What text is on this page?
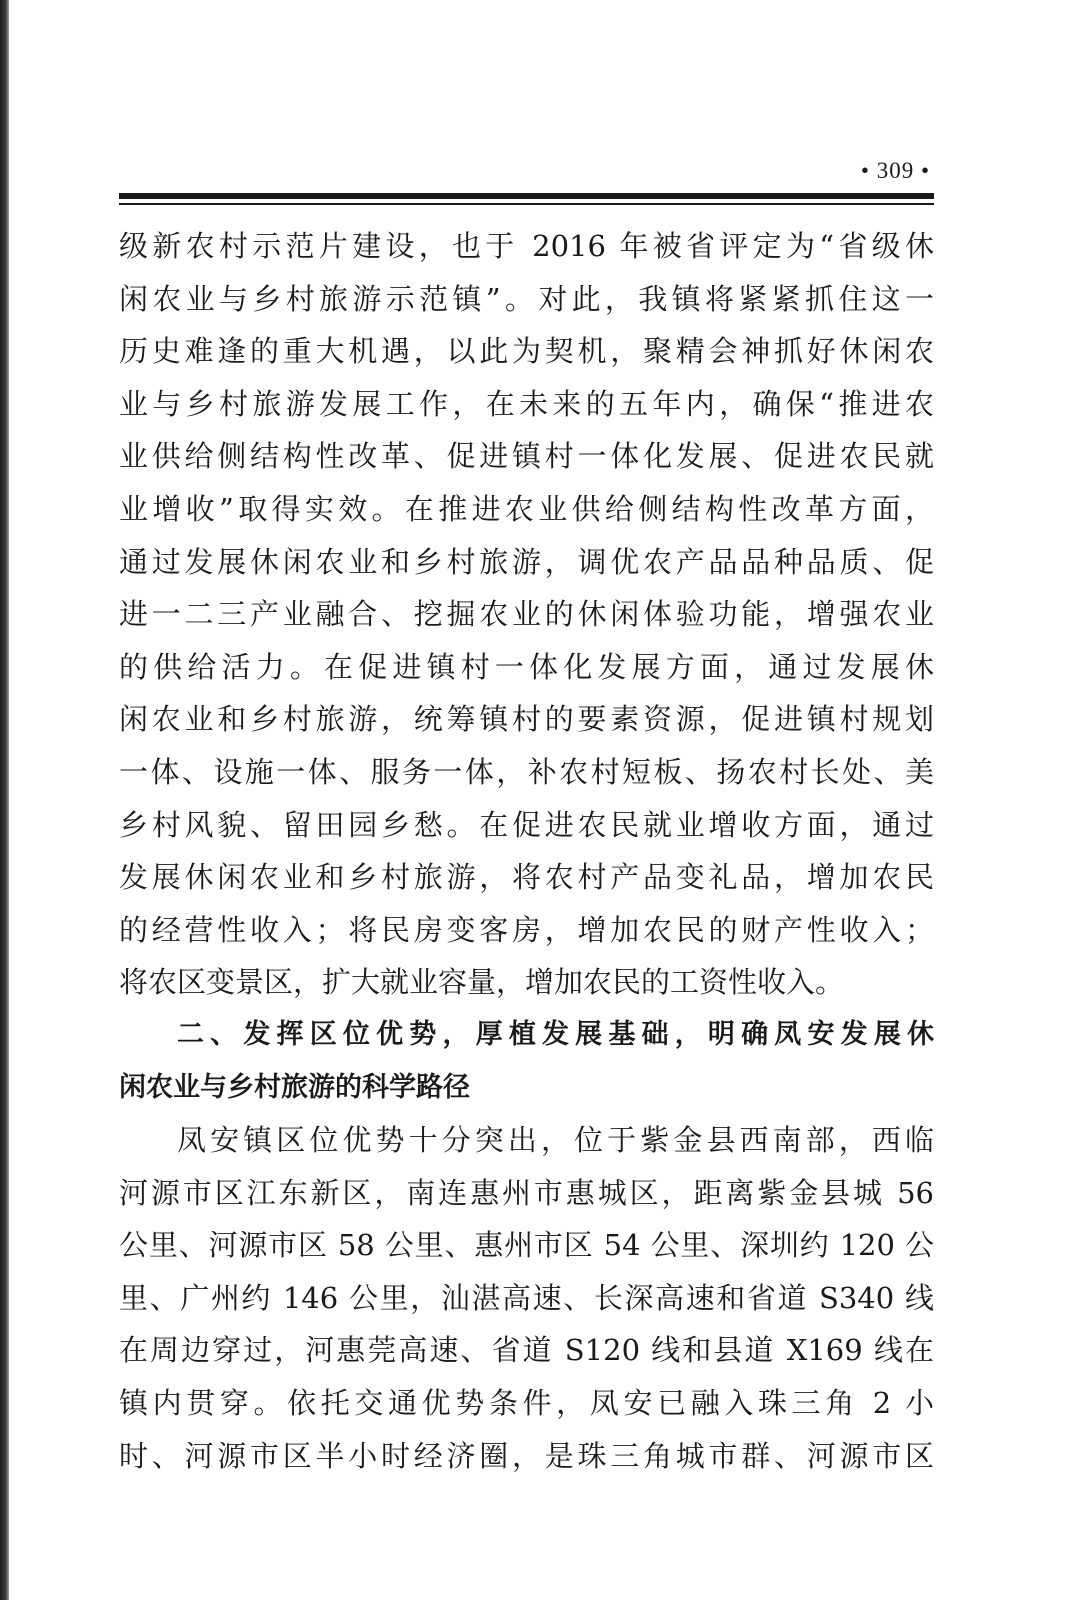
• 309 •
级新农村示范片建设，也于 2016 年被省评定为“省级休
闲农业与乡村旅游示范镇”。对此，我镇将紧紧抓住这一
历史难逢的重大机遇，以此为契机，聚精会神抓好休闲农
业与乡村旅游发展工作，在未来的五年内，确保“推进农
业供给侧结构性改革、促进镇村一体化发展、促进农民就
业增收”取得实效。在推进农业供给侧结构性改革方面，
通过发展休闲农业和乡村旅游，调优农产品品种品质、促
进一二三产业融合、挖掘农业的休闲体验功能，增强农业
的供给活力。在促进镇村一体化发展方面，通过发展休
闲农业和乡村旅游，统筹镇村的要素资源，促进镇村规划
一体、设施一体、服务一体，补农村短板、扬农村长处、美
乡村风貌、留田园乡愁。在促进农民就业增收方面，通过
发展休闲农业和乡村旅游，将农村产品变礼品，增加农民
的经营性收入；将民房变客房，增加农民的财产性收入；
将农区变景区，扩大就业容量，增加农民的工资性收入。
二、发挥区位优势，厚植发展基础，明确凤安发展休
闲农业与乡村旅游的科学路径
凤安镇区位优势十分突出，位于紫金县西南部，西临
河源市区江东新区，南连惠州市惠城区，距离紫金县城 56
公里、河源市区 58 公里、惠州市区 54 公里、深圳约 120 公
里、广州约 146 公里，汕湛高速、长深高速和省道 S340 线
在周边穿过，河惠莞高速、省道 S120 线和县道 X169 线在
镇内贯穿。依托交通优势条件，凤安已融入珠三角 2 小
时、河源市区半小时经济圈，是珠三角城市群、河源市区
